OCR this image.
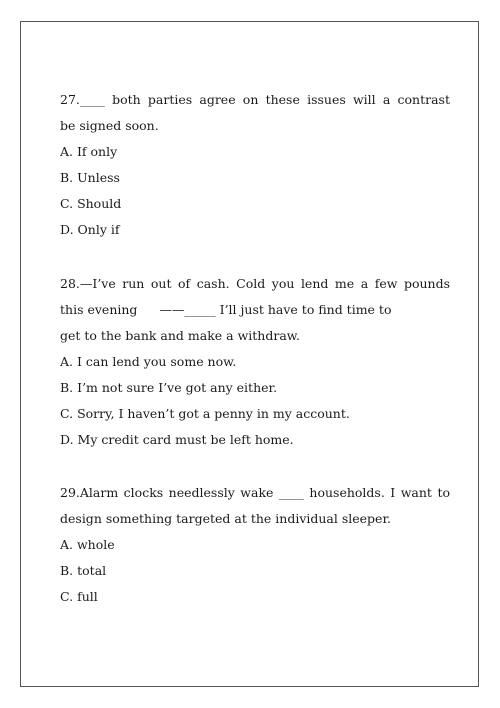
27.____ both parties agree on these issues will a contrast
be signed soon.
A. If only
B. Unless
C. Should
D. Only if
28.—I’ve run out of cash. Cold you lend me a few pounds
this evening ——_____ I’ll just have to find time to
get to the bank and make a withdraw.
A. I can lend you some now.
B. I’m not sure I’ve got any either.
C. Sorry, I haven’t got a penny in my account.
D. My credit card must be left home.
29.Alarm clocks needlessly wake ____ households. I want to
design something targeted at the individual sleeper.
A. whole
B. total
C. full
